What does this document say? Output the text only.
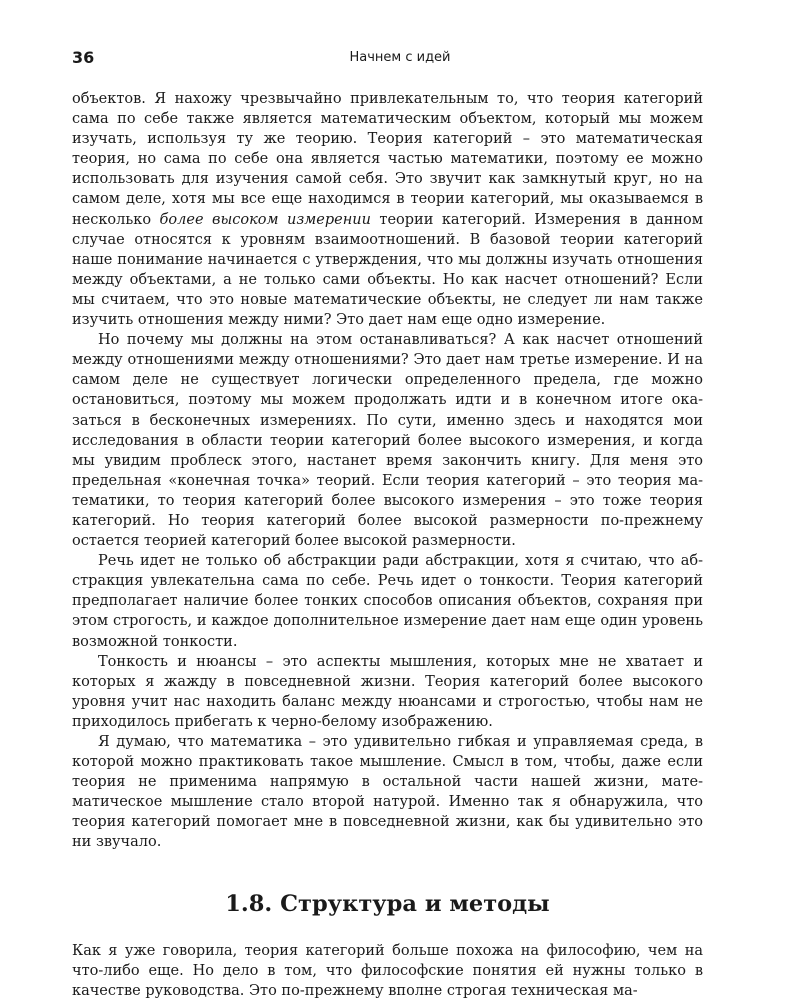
36	Начнем с идей

объектов. Я нахожу чрезвычайно привлекательным то, что теория категорий сама по себе также является математическим объектом, который мы можем изучать, используя ту же теорию. Теория категорий – это математическая теория, но сама по себе она является частью математики, поэтому ее можно использовать для изучения самой себя. Это звучит как замкнутый круг, но на самом деле, хотя мы все еще находимся в теории категорий, мы оказываемся в несколько более высоком измерении теории категорий. Измерения в данном случае относятся к уровням взаимоотношений. В базовой теории категорий наше понимание начинается с утверждения, что мы должны изучать отношения между объектами, а не только сами объекты. Но как насчет отношений? Если мы считаем, что это новые математические объекты, не следует ли нам также изучить отношения между ними? Это дает нам еще одно измерение.

Но почему мы должны на этом останавливаться? А как насчет отношений между отношениями между отношениями? Это дает нам третье измерение. И на самом деле не существует логически определенного предела, где можно остановиться, поэтому мы можем продолжать идти и в конечном итоге оказаться в бесконечных измерениях. По сути, именно здесь и находятся мои исследования в области теории категорий более высокого измерения, и когда мы увидим проблеск этого, настанет время закончить книгу. Для меня это предельная «конечная точка» теорий. Если теория категорий – это теория математики, то теория категорий более высокого измерения – это тоже теория категорий. Но теория категорий более высокой размерности по-прежнему остается теорией категорий более высокой размерности.

Речь идет не только об абстракции ради абстракции, хотя я считаю, что абстракция увлекательна сама по себе. Речь идет о тонкости. Теория категорий предполагает наличие более тонких способов описания объектов, сохраняя при этом строгость, и каждое дополнительное измерение дает нам еще один уровень возможной тонкости.

Тонкость и нюансы – это аспекты мышления, которых мне не хватает и которых я жажду в повседневной жизни. Теория категорий более высокого уровня учит нас находить баланс между нюансами и строгостью, чтобы нам не приходилось прибегать к черно-белому изображению.

Я думаю, что математика – это удивительно гибкая и управляемая среда, в которой можно практиковать такое мышление. Смысл в том, чтобы, даже если теория не применима напрямую в остальной части нашей жизни, математическое мышление стало второй натурой. Именно так я обнаружила, что теория категорий помогает мне в повседневной жизни, как бы удивительно это ни звучало.

1.8. Структура и методы

Как я уже говорила, теория категорий больше похожа на философию, чем на что-либо еще. Но дело в том, что философские понятия ей нужны только в качестве руководства. Это по-прежнему вполне строгая техническая ма-
